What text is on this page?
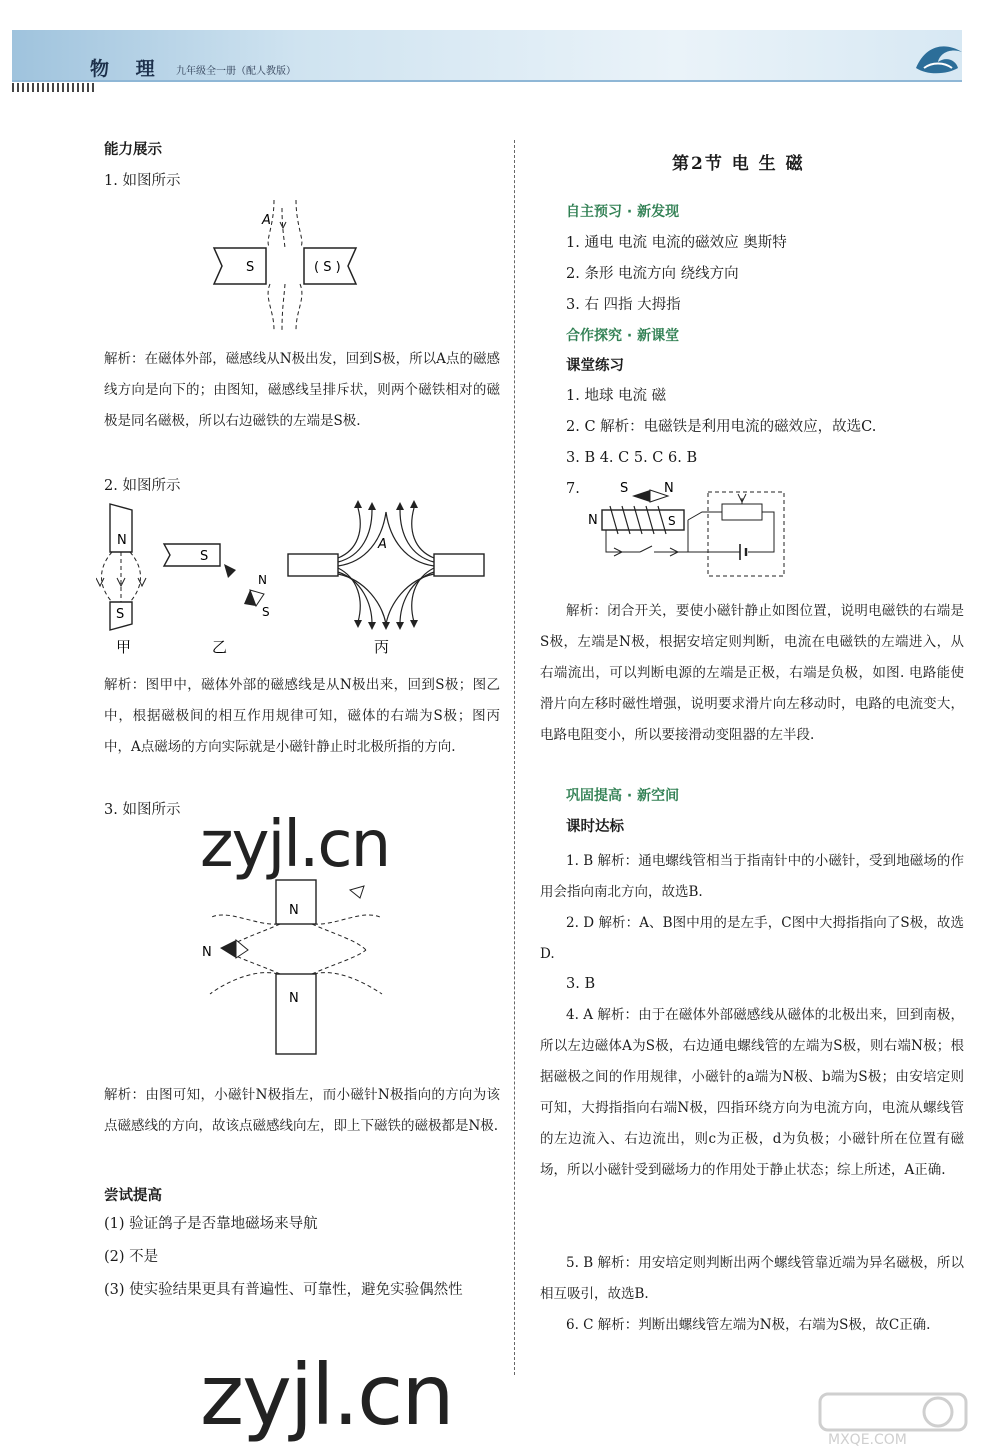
物 理 九年级全一册（配人教版）
能力展示
1. 如图所示
S	( S )
A
解析：在磁体外部，磁感线从N极出发，回到S极，所以A点的磁感线方向是向下的；由图知，磁感线呈排斥状，则两个磁铁相对的磁极是同名磁极，所以右边磁铁的左端是S极.
2. 如图所示
N
S
甲
S
N
S
乙
A
丙
解析：图甲中，磁体外部的磁感线是从N极出来，回到S极；图乙中，根据磁极间的相互作用规律可知，磁体的右端为S极；图丙中，A点磁场的方向实际就是小磁针静止时北极所指的方向.
3. 如图所示
N
N
N
解析：由图可知，小磁针N极指左，而小磁针N极指向的方向为该点磁感线的方向，故该点磁感线向左，即上下磁铁的磁极都是N极.
尝试提高
(1) 验证鸽子是否靠地磁场来导航
(2) 不是
(3) 使实验结果更具有普遍性、可靠性，避免实验偶然性
第2节 电 生 磁
自主预习 · 新发现
1. 通电 电流 电流的磁效应 奥斯特
2. 条形 电流方向 绕线方向
3. 右 四指 大拇指
合作探究 · 新课堂
课堂练习
1. 地球 电流 磁
2. C 解析：电磁铁是利用电流的磁效应，故选C.
3. B 4. C 5. C 6. B
7.	S	N
N	S
解析：闭合开关，要使小磁针静止如图位置，说明电磁铁的右端是S极，左端是N极，根据安培定则判断，电流在电磁铁的左端进入，从右端流出，可以判断电源的左端是正极，右端是负极，如图. 电路能使滑片向左移时磁性增强，说明要求滑片向左移动时，电路的电流变大，电路电阻变小，所以要接滑动变阻器的左半段.
巩固提高 · 新空间
课时达标
1. B 解析：通电螺线管相当于指南针中的小磁针，受到地磁场的作用会指向南北方向，故选B.
2. D 解析：A、B图中用的是左手，C图中大拇指指向了S极，故选D.
3. B
4. A 解析：由于在磁体外部磁感线从磁体的北极出来，回到南极，所以左边磁体A为S极，右边通电螺线管的左端为S极，则右端N极；根据磁极之间的作用规律，小磁针的a端为N极、b端为S极；由安培定则可知，大拇指指向右端N极，四指环绕方向为电流方向，电流从螺线管的左边流入、右边流出，则c为正极，d为负极；小磁针所在位置有磁场，所以小磁针受到磁场力的作用处于静止状态；综上所述，A正确.
5. B 解析：用安培定则判断出两个螺线管靠近端为异名磁极，所以相互吸引，故选B.
6. C 解析：判断出螺线管左端为N极，右端为S极，故C正确.
zyjl.cn
zyjl.cn	MXQE.COM
